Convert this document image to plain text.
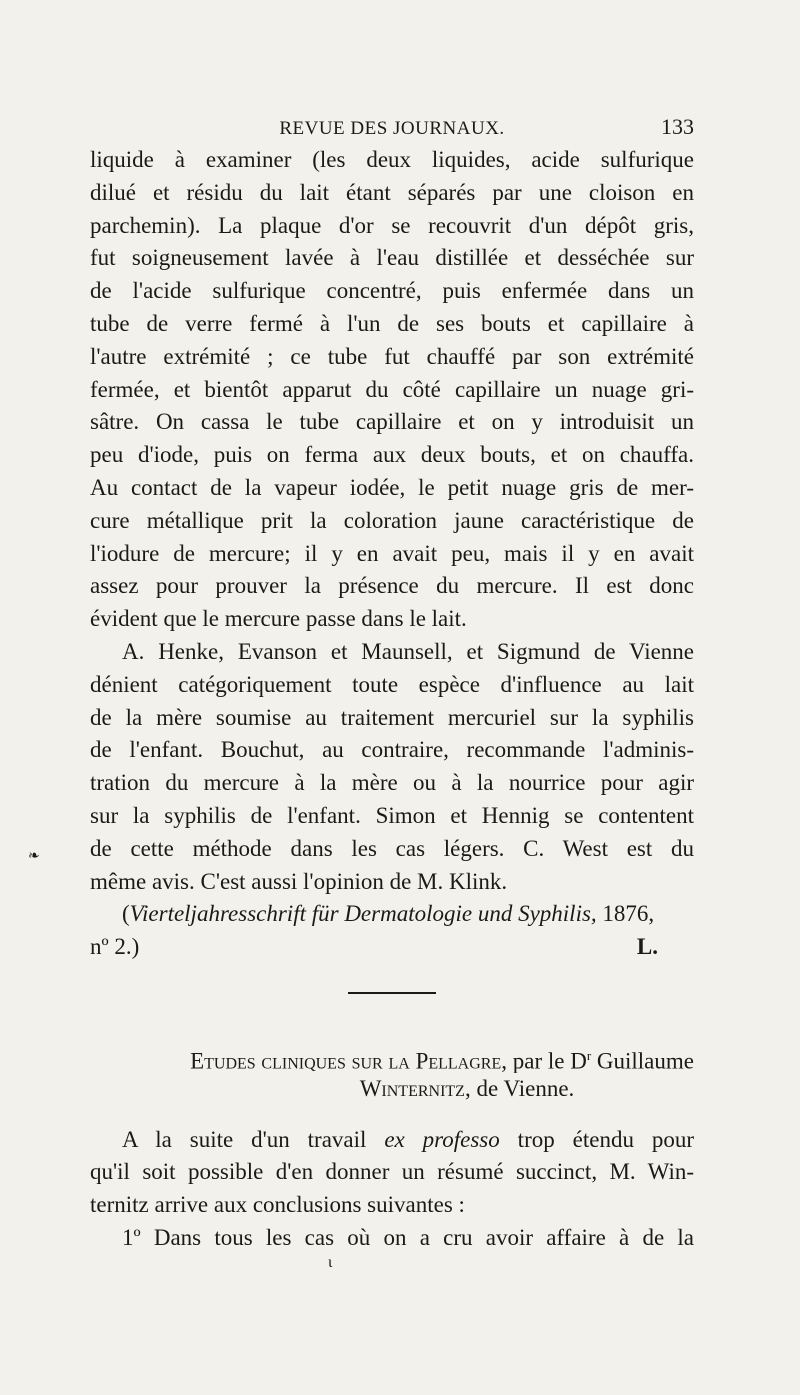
REVUE DES JOURNAUX.	133
liquide à examiner (les deux liquides, acide sulfurique
dilué et résidu du lait étant séparés par une cloison en
parchemin). La plaque d'or se recouvrit d'un dépôt gris,
fut soigneusement lavée à l'eau distillée et desséchée sur
de l'acide sulfurique concentré, puis enfermée dans un
tube de verre fermé à l'un de ses bouts et capillaire à
l'autre extrémité ; ce tube fut chauffé par son extrémité
fermée, et bientôt apparut du côté capillaire un nuage gri-
sâtre. On cassa le tube capillaire et on y introduisit un
peu d'iode, puis on ferma aux deux bouts, et on chauffa.
Au contact de la vapeur iodée, le petit nuage gris de mer-
cure métallique prit la coloration jaune caractéristique de
l'iodure de mercure; il y en avait peu, mais il y en avait
assez pour prouver la présence du mercure. Il est donc
évident que le mercure passe dans le lait.
A. Henke, Evanson et Maunsell, et Sigmund de Vienne
dénient catégoriquement toute espèce d'influence au lait
de la mère soumise au traitement mercuriel sur la syphilis
de l'enfant. Bouchut, au contraire, recommande l'adminis-
tration du mercure à la mère ou à la nourrice pour agir
sur la syphilis de l'enfant. Simon et Hennig se contentent
de cette méthode dans les cas légers. C. West est du
même avis. C'est aussi l'opinion de M. Klink.
(Vierteljahresschrift für Dermatologie und Syphilis, 1876,
nº 2.)	L.
Etudes cliniques sur la Pellagre, par le $D^r$ Guillaume
Winternitz, de Vienne.
A la suite d'un travail ex professo trop étendu pour
qu'il soit possible d'en donner un résumé succinct, M. Win-
ternitz arrive aux conclusions suivantes :
1º Dans tous les cas où on a cru avoir affaire à de la
ɩ
❧
